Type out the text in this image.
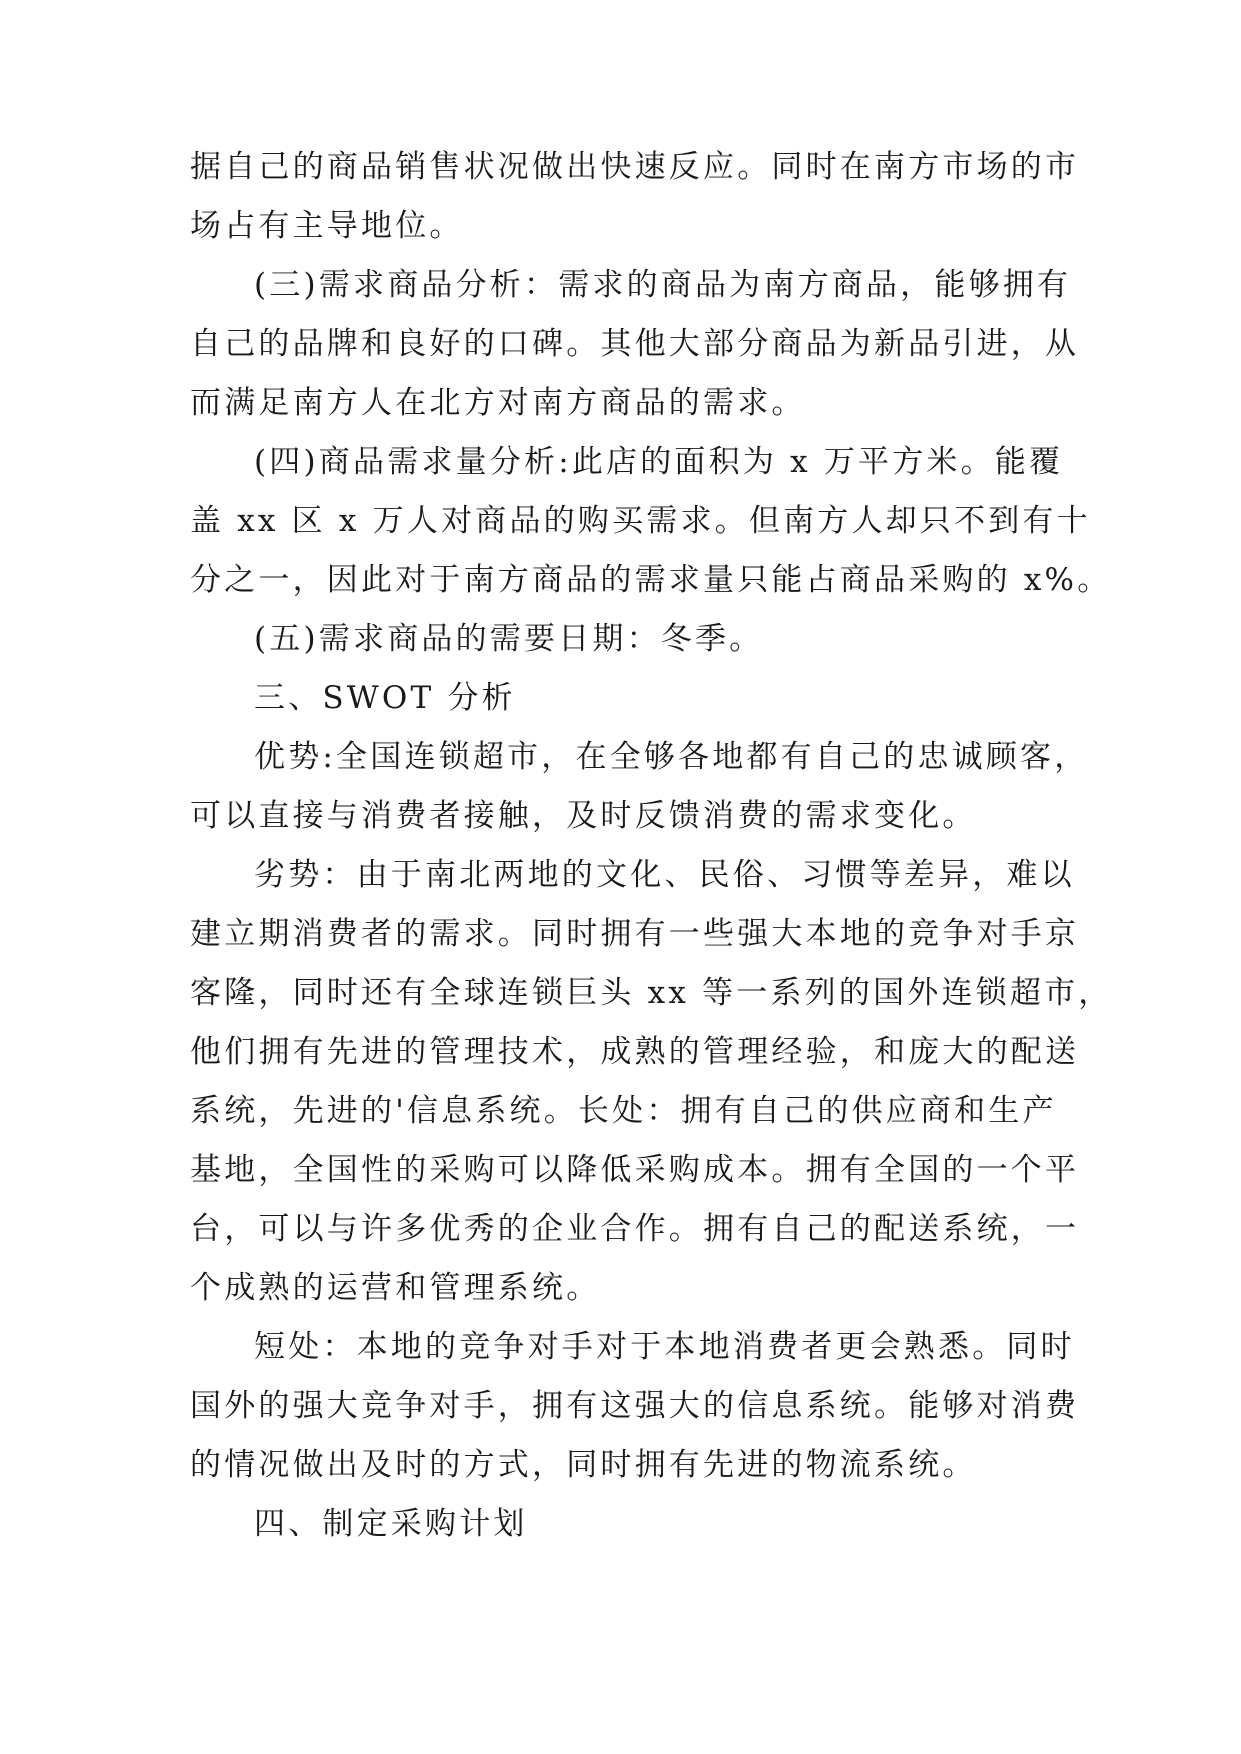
据自己的商品销售状况做出快速反应。同时在南方市场的市
场占有主导地位。
(三)需求商品分析：需求的商品为南方商品，能够拥有
自己的品牌和良好的口碑。其他大部分商品为新品引进，从
而满足南方人在北方对南方商品的需求。
(四)商品需求量分析:此店的面积为 x 万平方米。能覆
盖 xx 区 x 万人对商品的购买需求。但南方人却只不到有十
分之一，因此对于南方商品的需求量只能占商品采购的 x%。
(五)需求商品的需要日期：冬季。
三、SWOT 分析
优势:全国连锁超市，在全够各地都有自己的忠诚顾客，
可以直接与消费者接触，及时反馈消费的需求变化。
劣势：由于南北两地的文化、民俗、习惯等差异，难以
建立期消费者的需求。同时拥有一些强大本地的竞争对手京
客隆，同时还有全球连锁巨头 xx 等一系列的国外连锁超市，
他们拥有先进的管理技术，成熟的管理经验，和庞大的配送
系统，先进的'信息系统。长处：拥有自己的供应商和生产
基地，全国性的采购可以降低采购成本。拥有全国的一个平
台，可以与许多优秀的企业合作。拥有自己的配送系统，一
个成熟的运营和管理系统。
短处：本地的竞争对手对于本地消费者更会熟悉。同时
国外的强大竞争对手，拥有这强大的信息系统。能够对消费
的情况做出及时的方式，同时拥有先进的物流系统。
四、制定采购计划
